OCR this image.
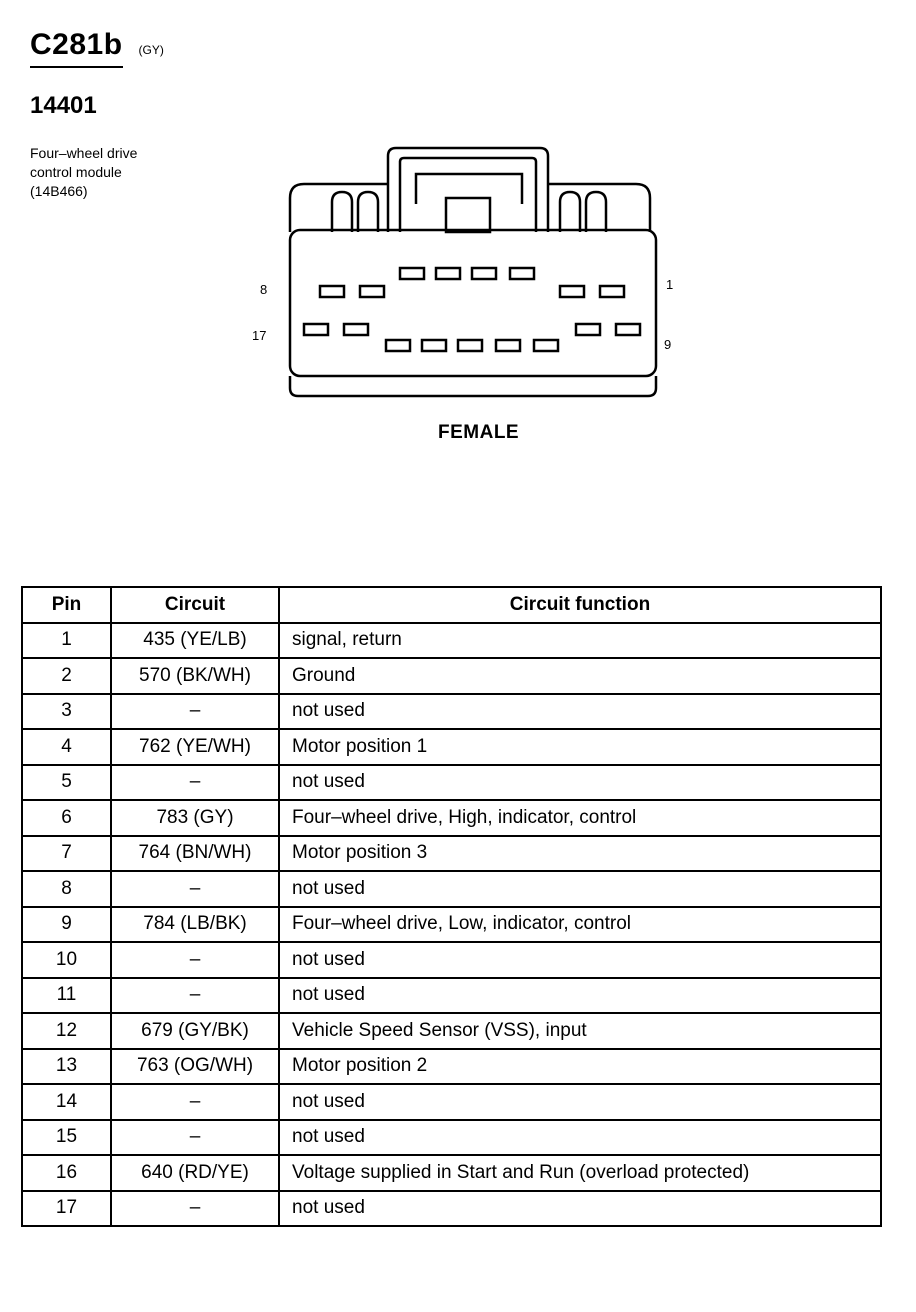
C281b (GY)
14401
Four–wheel drive
control module
(14B466)
8	1
17
9
FEMALE
Pin	Circuit	Circuit function
1	435 (YE/LB)	signal, return
2	570 (BK/WH)	Ground
3	–	not used
4	762 (YE/WH)	Motor position 1
5	–	not used
6	783 (GY)	Four–wheel drive, High, indicator, control
7	764 (BN/WH)	Motor position 3
8	–	not used
9	784 (LB/BK)	Four–wheel drive, Low, indicator, control
10	–	not used
11	–	not used
12	679 (GY/BK)	Vehicle Speed Sensor (VSS), input
13	763 (OG/WH)	Motor position 2
14	–	not used
15	–	not used
16	640 (RD/YE)	Voltage supplied in Start and Run (overload protected)
17	–	not used
